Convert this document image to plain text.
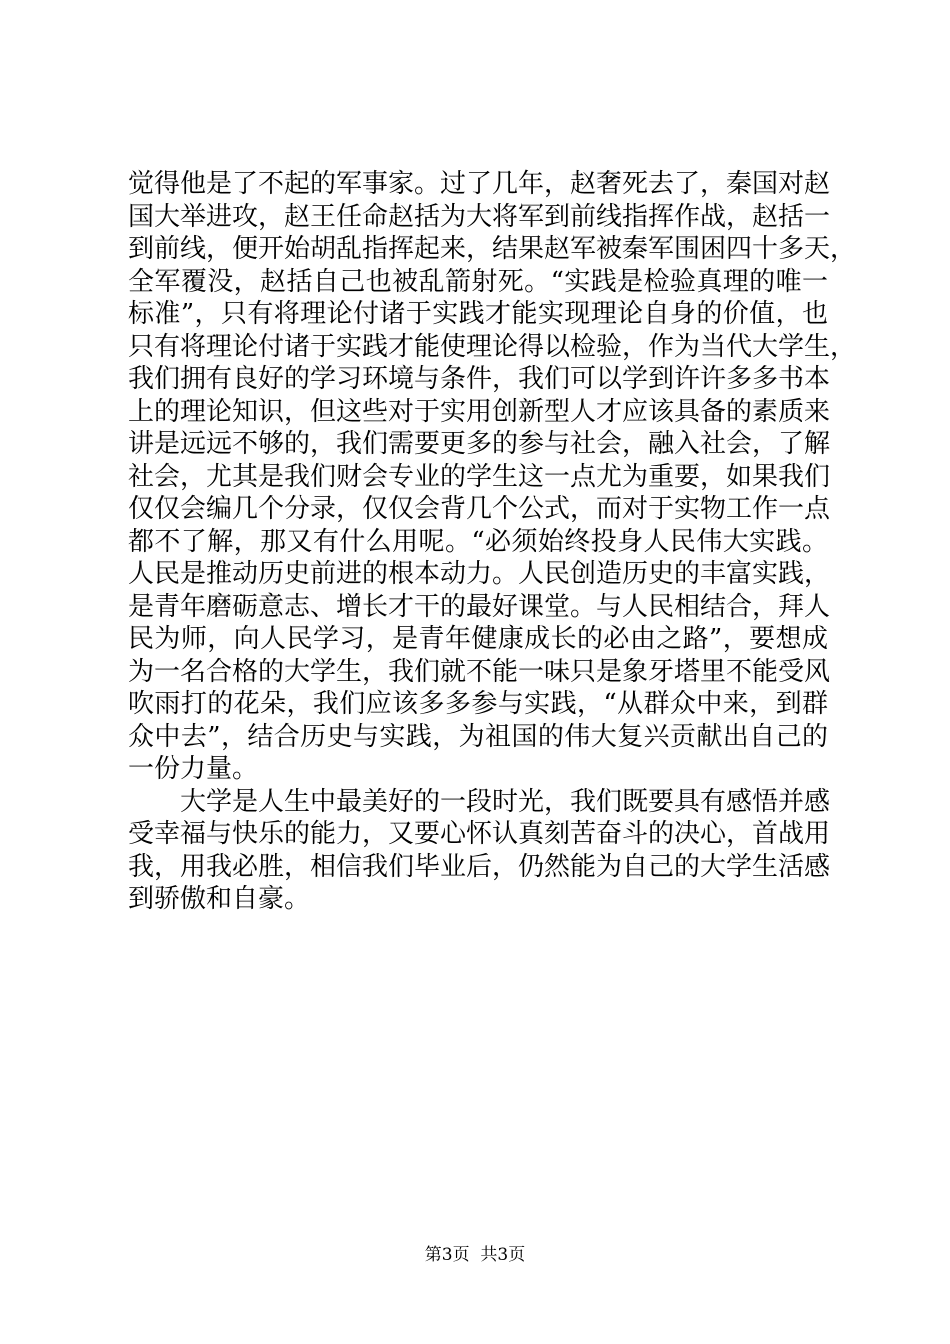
觉得他是了不起的军事家。过了几年，赵奢死去了，秦国对赵
国大举进攻，赵王任命赵括为大将军到前线指挥作战，赵括一
到前线，便开始胡乱指挥起来，结果赵军被秦军围困四十多天，
全军覆没，赵括自己也被乱箭射死。“实践是检验真理的唯一
标准”，只有将理论付诸于实践才能实现理论自身的价值，也
只有将理论付诸于实践才能使理论得以检验，作为当代大学生，
我们拥有良好的学习环境与条件，我们可以学到许许多多书本
上的理论知识，但这些对于实用创新型人才应该具备的素质来
讲是远远不够的，我们需要更多的参与社会，融入社会，了解
社会，尤其是我们财会专业的学生这一点尤为重要，如果我们
仅仅会编几个分录，仅仅会背几个公式，而对于实物工作一点
都不了解，那又有什么用呢。“必须始终投身人民伟大实践。
人民是推动历史前进的根本动力。人民创造历史的丰富实践，
是青年磨砺意志、增长才干的最好课堂。与人民相结合，拜人
民为师，向人民学习，是青年健康成长的必由之路”，要想成
为一名合格的大学生，我们就不能一味只是象牙塔里不能受风
吹雨打的花朵，我们应该多多参与实践，“从群众中来，到群
众中去”，结合历史与实践，为祖国的伟大复兴贡献出自己的
一份力量。
大学是人生中最美好的一段时光，我们既要具有感悟并感
受幸福与快乐的能力，又要心怀认真刻苦奋斗的决心，首战用
我，用我必胜，相信我们毕业后，仍然能为自己的大学生活感
到骄傲和自豪。
第3页  共3页
